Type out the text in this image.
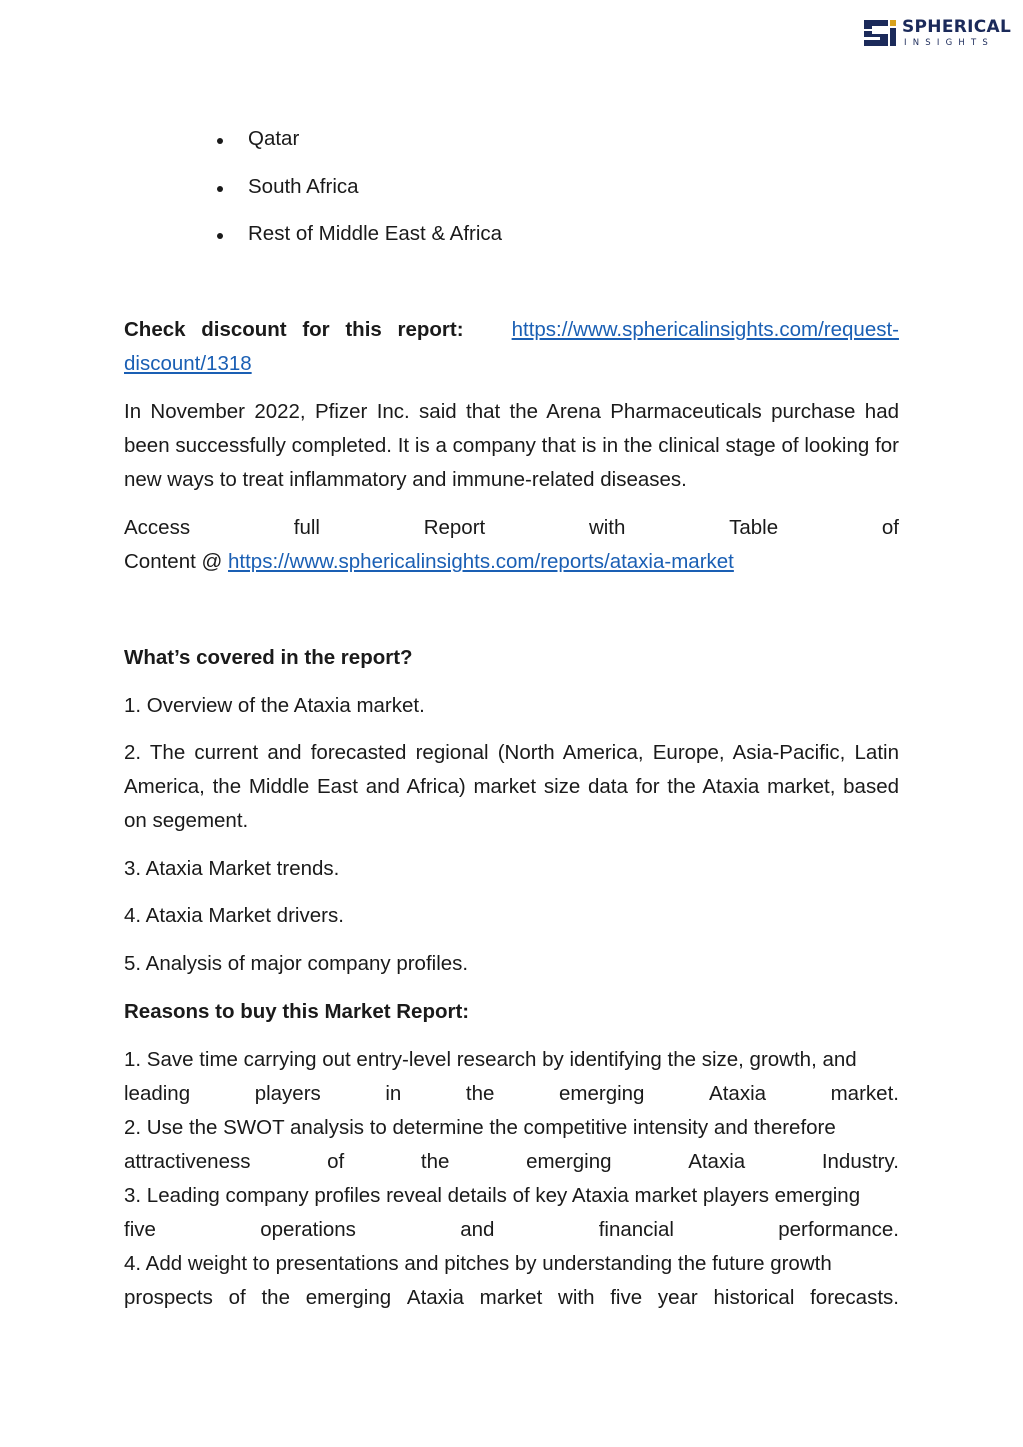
SPHERICAL
INSIGHTS
Qatar
South Africa
Rest of Middle East & Africa
Check discount for this report: https://www.sphericalinsights.com/request-
discount/1318

In November 2022, Pfizer Inc. said that the Arena Pharmaceuticals purchase had been successfully completed. It is a company that is in the clinical stage of looking for new ways to treat inflammatory and immune-related diseases.

Access	full	Report	with	Table	of
Content @ https://www.sphericalinsights.com/reports/ataxia-market
What’s covered in the report?

1. Overview of the Ataxia market.

2. The current and forecasted regional (North America, Europe, Asia-Pacific, Latin America, the Middle East and Africa) market size data for the Ataxia market, based on segement.

3. Ataxia Market trends.

4. Ataxia Market drivers.

5. Analysis of major company profiles.

Reasons to buy this Market Report:
1. Save time carrying out entry-level research by identifying the size, growth, and
leading	players	in	the	emerging	Ataxia	market.
2. Use the SWOT analysis to determine the competitive intensity and therefore
attractiveness	of	the	emerging	Ataxia	Industry.
3. Leading company profiles reveal details of key Ataxia market players emerging
five	operations	and	financial	performance.
4. Add weight to presentations and pitches by understanding the future growth
prospects of the emerging Ataxia market with five year historical forecasts.
